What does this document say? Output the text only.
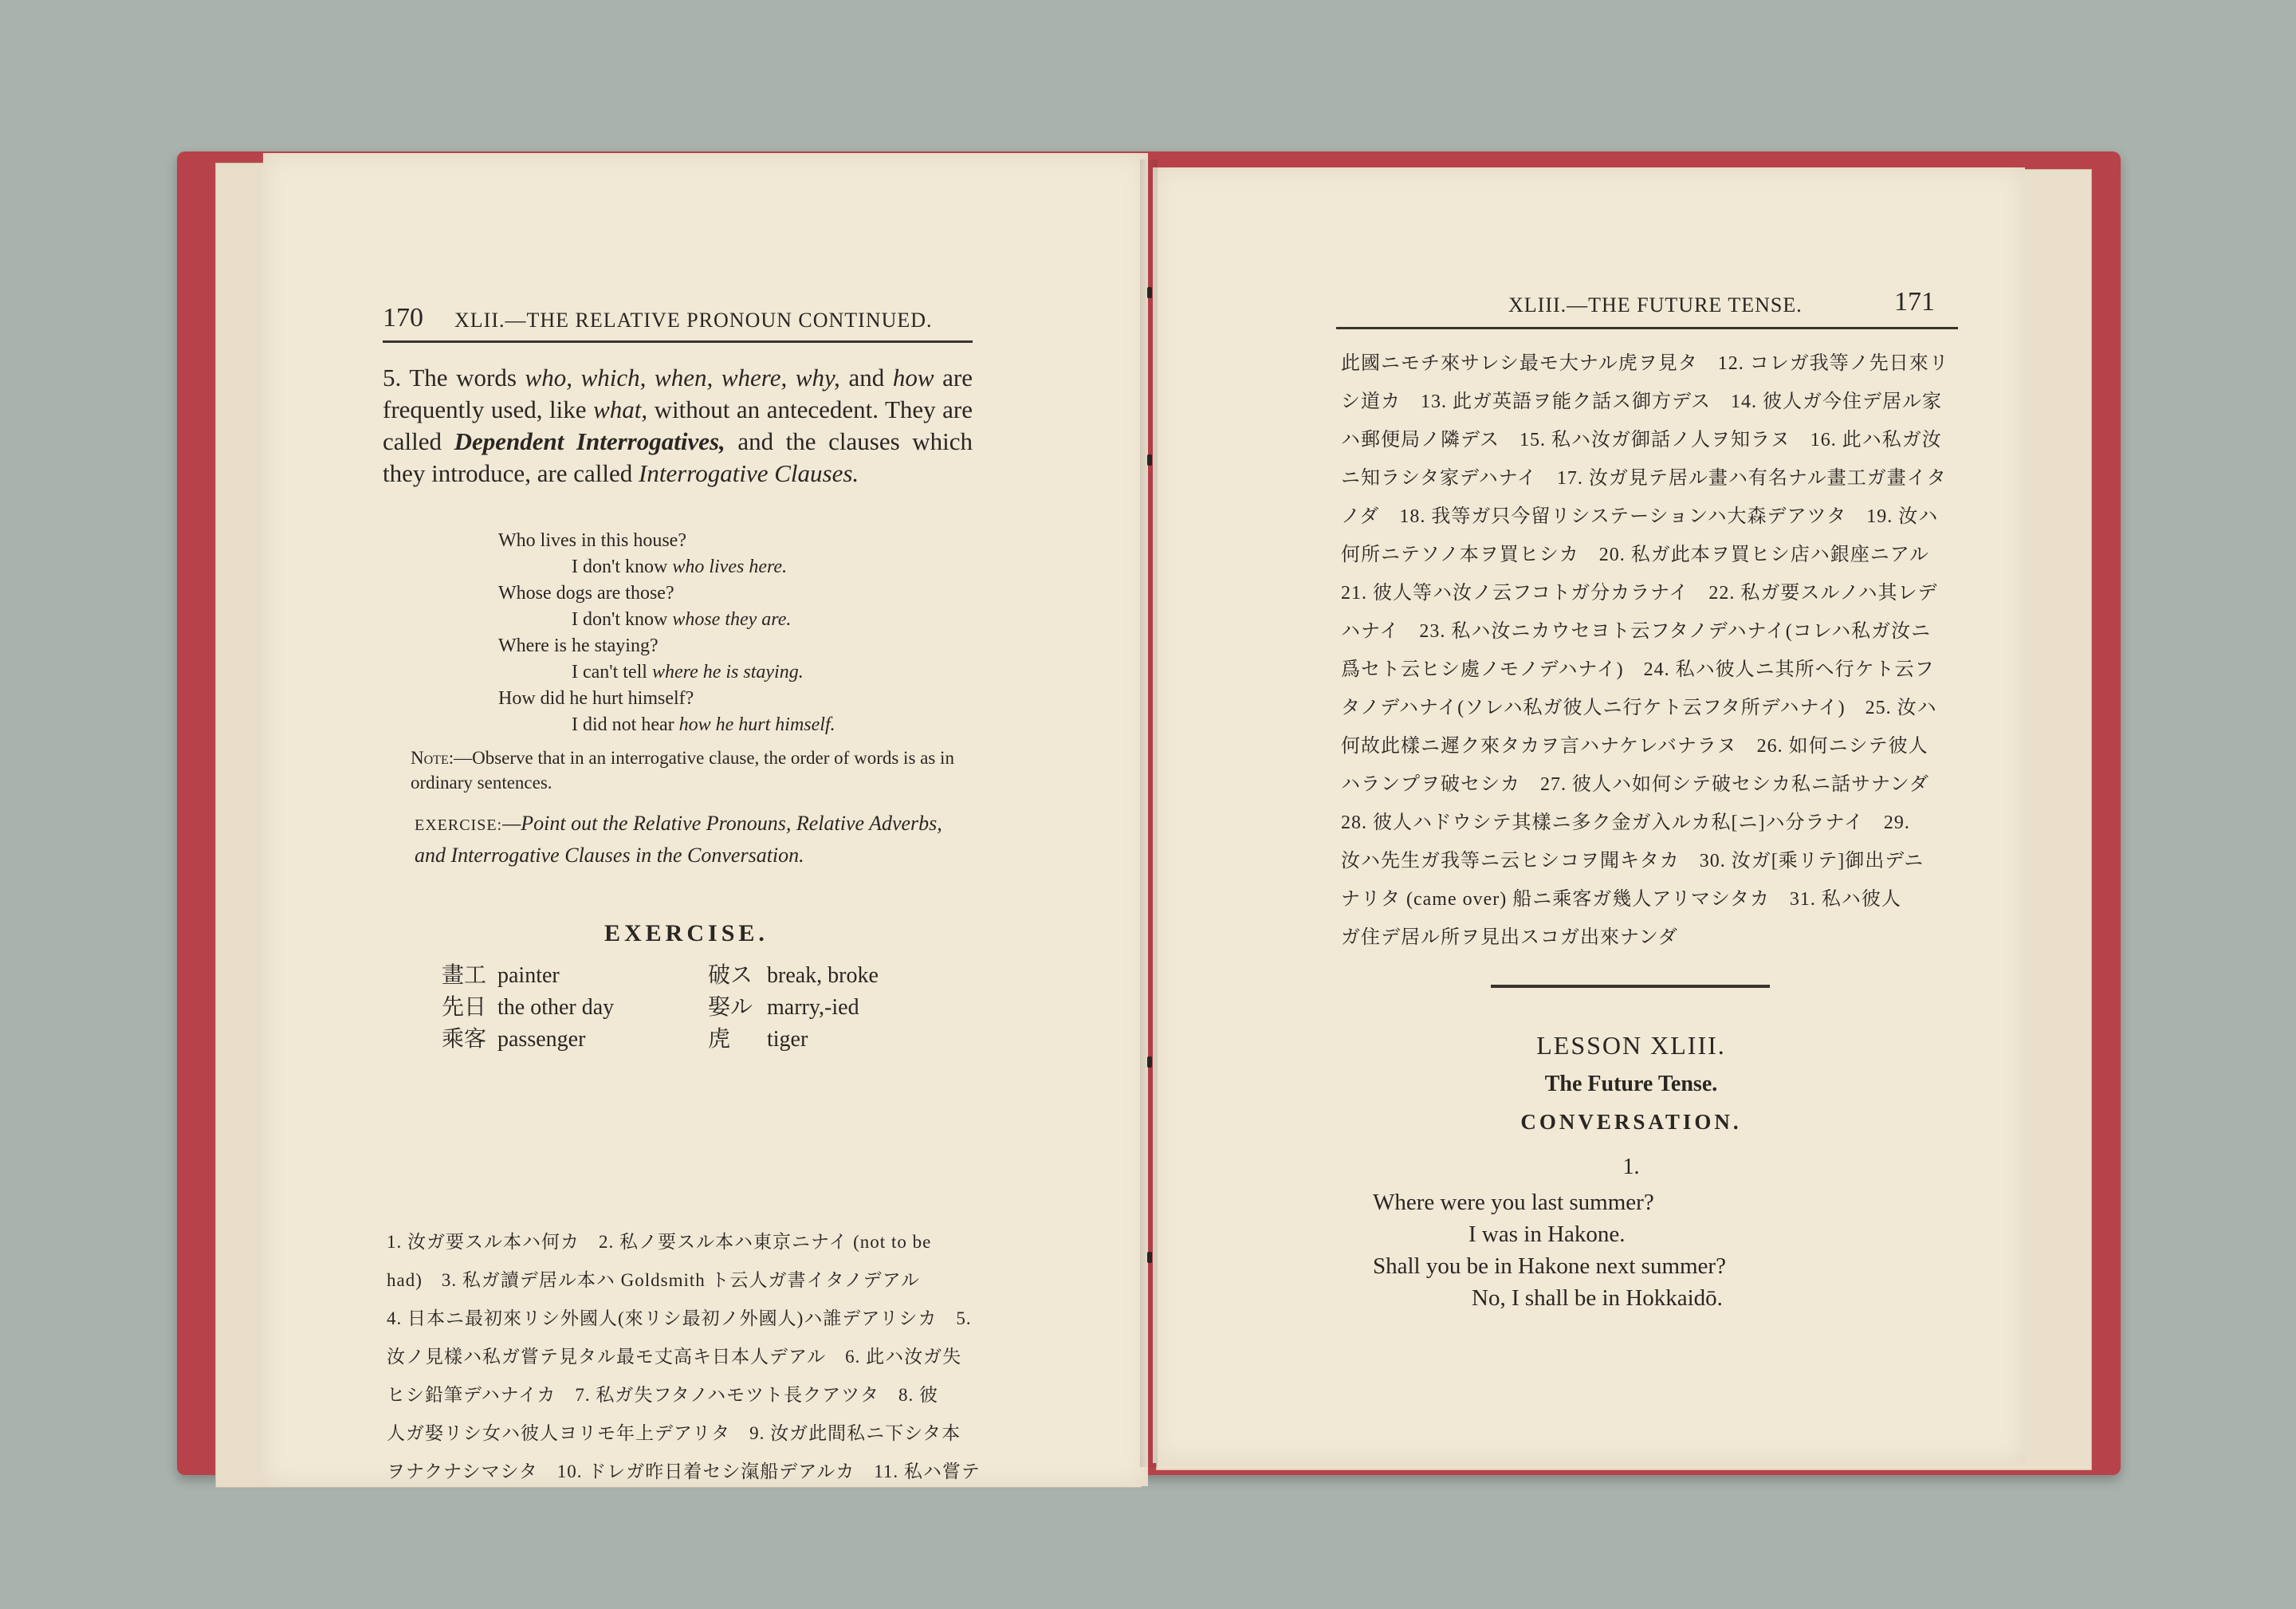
170 XLII.—THE RELATIVE PRONOUN CONTINUED.
5. The words who, which, when, where, why, and how are frequently used, like what, without an antecedent. They are called Dependent Interrogatives, and the clauses which they introduce, are called Interrogative Clauses.
Who lives in this house?
I don't know who lives here.
Whose dogs are those?
I don't know whose they are.
Where is he staying?
I can't tell where he is staying.
How did he hurt himself?
I did not hear how he hurt himself.
Note:—Observe that in an interrogative clause, the order of words is as in ordinary sentences.
EXERCISE:—Point out the Relative Pronouns, Relative Adverbs, and Interrogative Clauses in the Conversation.
EXERCISE.
畫工 painter	破ス break, broke
先日 the other day	娶ル marry,-ied
乘客 passenger	虎 tiger
1. 汝ガ要スル本ハ何カ　2. 私ノ要スル本ハ東京ニナイ (not to be
had)　3. 私ガ讀デ居ル本ハ Goldsmith ト云人ガ書イタノデアル
4. 日本ニ最初來リシ外國人(來リシ最初ノ外國人)ハ誰デアリシカ　5.
汝ノ見樣ハ私ガ嘗テ見タル最モ丈高キ日本人デアル　6. 此ハ汝ガ失
ヒシ鉛筆デハナイカ　7. 私ガ失フタノハモツト長クアツタ　8. 彼
人ガ娶リシ女ハ彼人ヨリモ年上デアリタ　9. 汝ガ此間私ニ下シタ本
ヲナクナシマシタ　10. ドレガ昨日着セシ滊船デアルカ　11. 私ハ嘗テ
XLIII.—THE FUTURE TENSE.	171
此國ニモチ來サレシ最モ大ナル虎ヲ見タ　12. コレガ我等ノ先日來リ
シ道カ　13. 此ガ英語ヲ能ク話ス御方デス　14. 彼人ガ今住デ居ル家
ハ郵便局ノ隣デス　15. 私ハ汝ガ御話ノ人ヲ知ラヌ　16. 此ハ私ガ汝
ニ知ラシタ家デハナイ　17. 汝ガ見テ居ル畫ハ有名ナル畫工ガ畫イタ
ノダ　18. 我等ガ只今留リシステーションハ大森デアツタ　19. 汝ハ
何所ニテソノ本ヲ買ヒシカ　20. 私ガ此本ヲ買ヒシ店ハ銀座ニアル
21. 彼人等ハ汝ノ云フコトガ分カラナイ　22. 私ガ要スルノハ其レデ
ハナイ　23. 私ハ汝ニカウセヨト云フタノデハナイ(コレハ私ガ汝ニ
爲セト云ヒシ處ノモノデハナイ)　24. 私ハ彼人ニ其所ヘ行ケト云フ
タノデハナイ(ソレハ私ガ彼人ニ行ケト云フタ所デハナイ)　25. 汝ハ
何故此樣ニ遲ク來タカヲ言ハナケレバナラヌ　26. 如何ニシテ彼人
ハランプヲ破セシカ　27. 彼人ハ如何シテ破セシカ私ニ話サナンダ
28. 彼人ハドウシテ其樣ニ多ク金ガ入ルカ私[ニ]ハ分ラナイ　29.
汝ハ先生ガ我等ニ云ヒシコヲ聞キタカ　30. 汝ガ[乘リテ]御出デニ
ナリタ (came over) 船ニ乘客ガ幾人アリマシタカ　31. 私ハ彼人
ガ住デ居ル所ヲ見出スコガ出來ナンダ
LESSON XLIII.
The Future Tense.
CONVERSATION.
1.
Where were you last summer?
I was in Hakone.
Shall you be in Hakone next summer?
No, I shall be in Hokkaidō.
